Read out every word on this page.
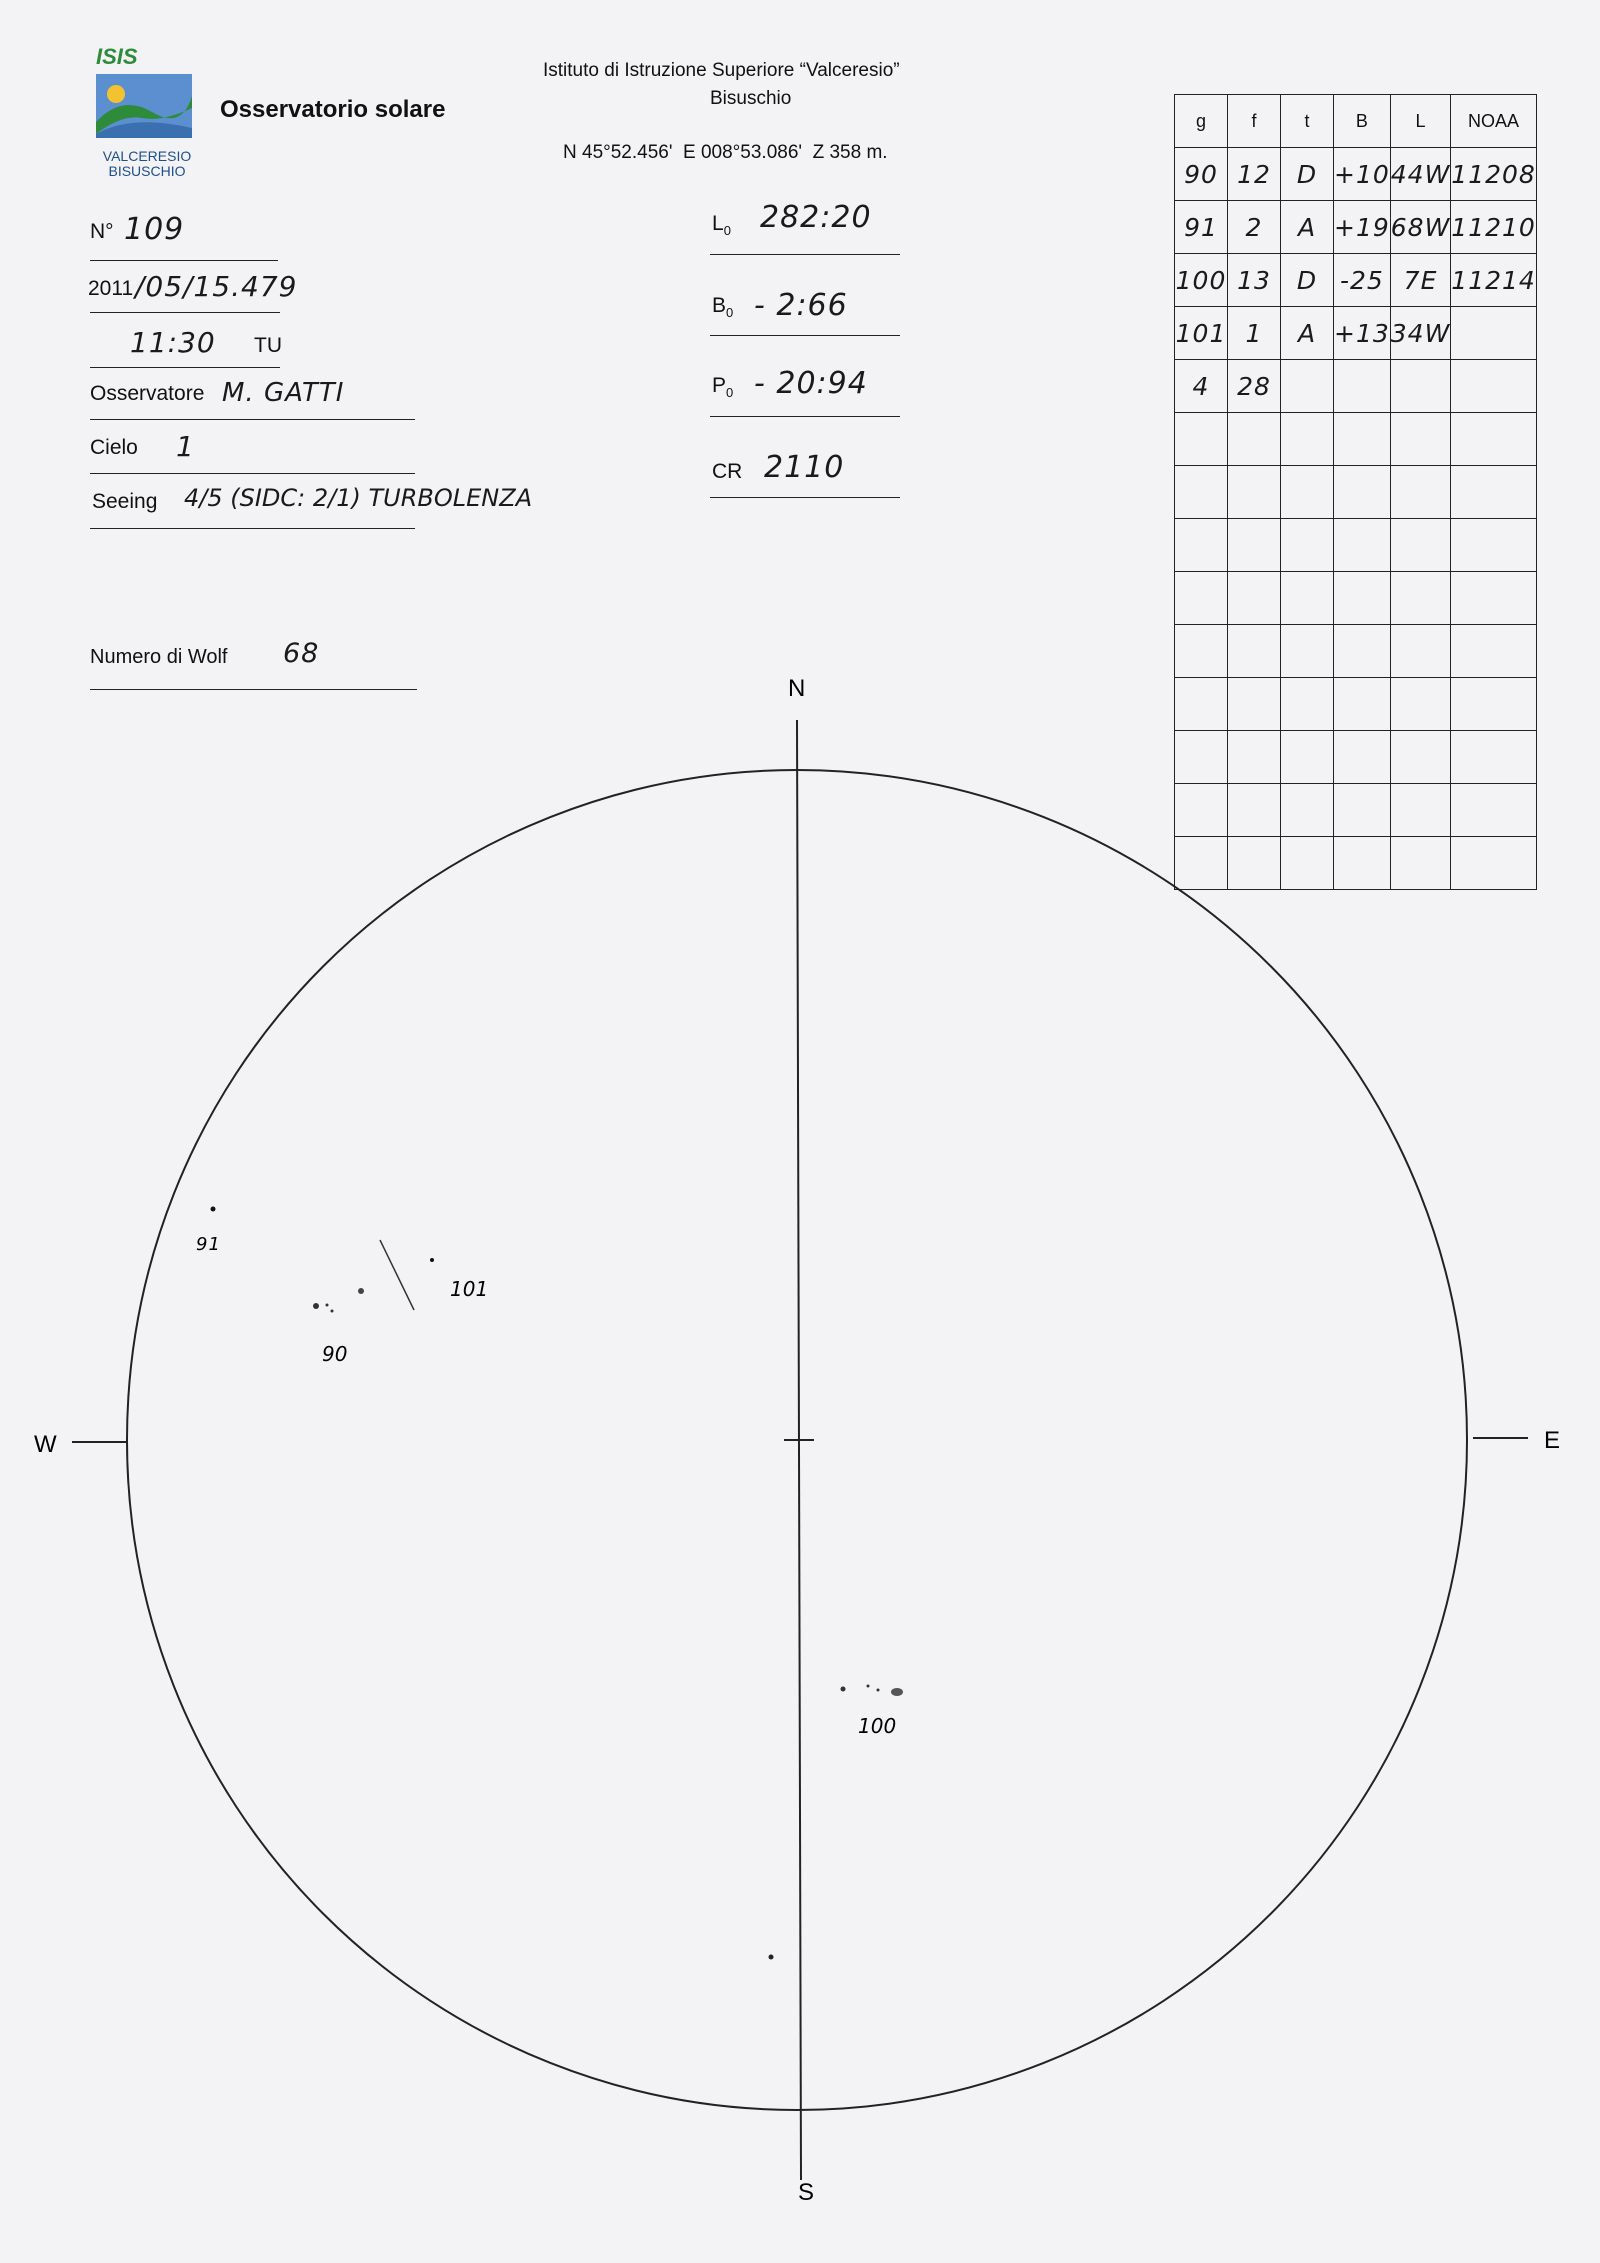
ISIS
VALCERESIO
BISUSCHIO
Osservatorio solare
Istituto di Istruzione Superiore “Valceresio”
Bisuschio
N 45°52.456'  E 008°53.086'  Z 358 m.
N° 109
2011 /05/15.479
11:30 TU
Osservatore M. GATTI
Cielo 1
Seeing 4/5 (SIDC: 2/1) TURBOLENZA
Numero di Wolf 68
$L_0$ 282:20
$B_0$ - 2:66
$P_0$ - 20:94
CR 2110
g	f	t	B	L	NOAA
90	12	D	+10	44W	11208
91	2	A	+19	68W	11210
100	13	D	-25	7E	11214
101	1	A	+13	34W	
4	28				

N
S
W	E
91
90
101
100
